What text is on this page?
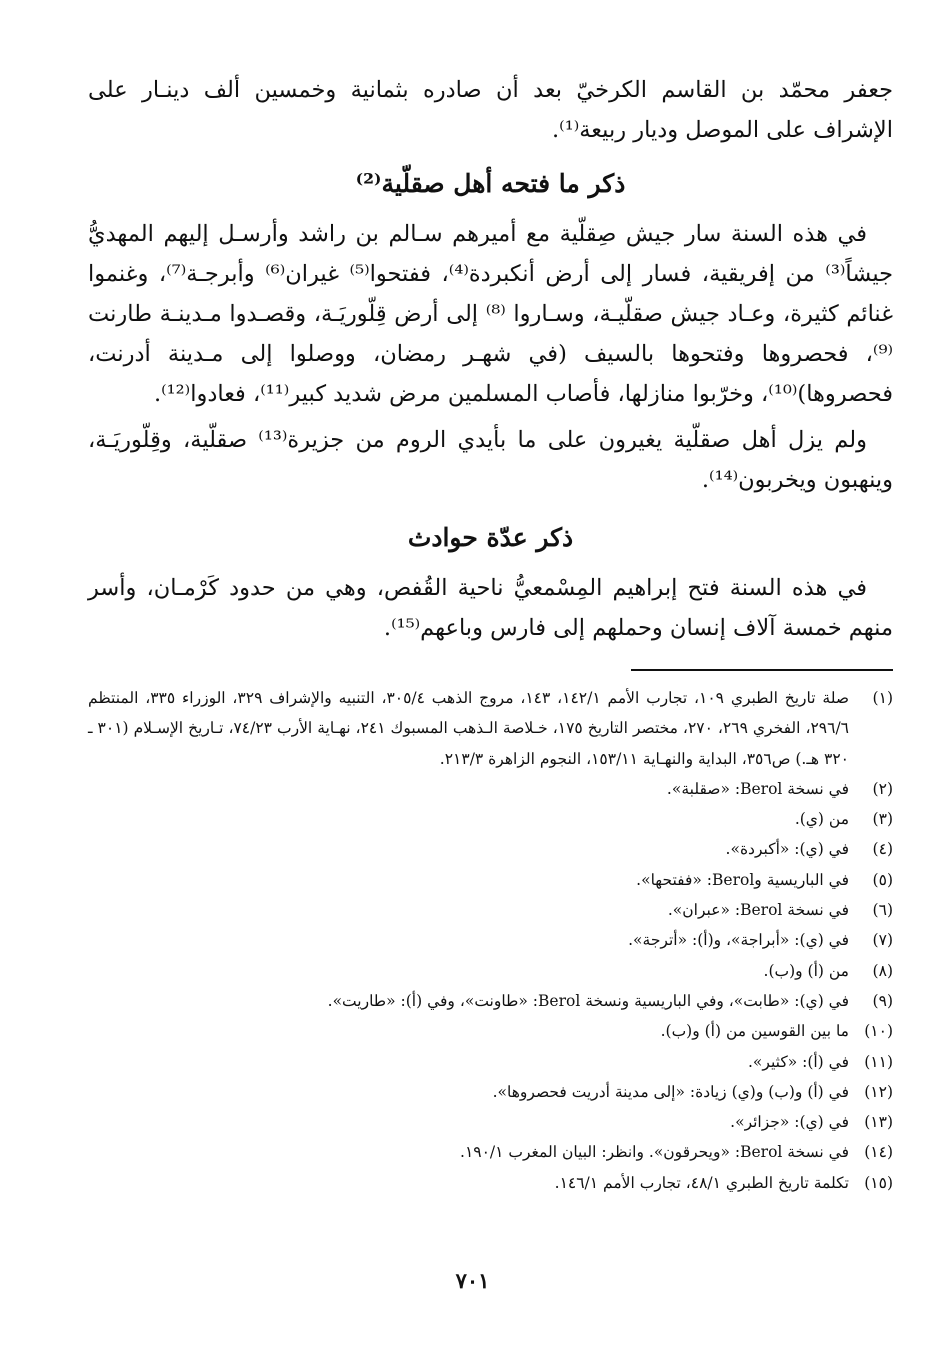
جعفر محمّد بن القاسم الكرخيّ بعد أن صادره بثمانية وخمسين ألف دينـار على الإشراف على الموصل وديار ربيعة⁽¹⁾.

ذكر ما فتحه أهل صقلّية⁽²⁾

في هذه السنة سار جيش صِقلّية مع أميرهم سـالم بن راشد وأرسـل إليهم المهديُّ جيشاً⁽³⁾ من إفريقية، فسار إلى أرض أنكبردة⁽⁴⁾، ففتحوا⁽⁵⁾ غيران⁽⁶⁾ وأبرجـة⁽⁷⁾، وغنموا غنائم كثيرة، وعـاد جيش صقلّيـة، وسـاروا ⁽⁸⁾ إلى أرض قِلّوريَـة، وقصـدوا مـدينـة طارنت ⁽⁹⁾، فحصروها وفتحوها بالسيف (في شهـر رمضان، ووصلوا إلى مـدينة أدرنت، فحصروها)⁽¹⁰⁾، وخرّبوا منازلها، فأصاب المسلمين مرض شديد كبير⁽¹¹⁾، فعادوا⁽¹²⁾.

ولم يزل أهل صقلّية يغيرون على ما بأيدي الروم من جزيرة⁽¹³⁾ صقلّية، وقِلّوريَـة، وينهبون ويخربون⁽¹⁴⁾.

ذكر عدّة حوادث

في هذه السنة فتح إبراهيم المِسْمعيُّ ناحية القُفص، وهي من حدود كَرْمـان، وأسر منهم خمسة آلاف إنسان وحملهم إلى فارس وباعهم⁽¹⁵⁾.

(١)
صلة تاريخ الطبري ١٠٩، تجارب الأمم ١٤٢/١، ١٤٣، مروج الذهب ٣٠٥/٤، التنبيه والإشراف ٣٢٩، الوزراء ٣٣٥، المنتظم ٢٩٦/٦، الفخري ٢٦٩، ٢٧٠، مختصر التاريخ ١٧٥، خـلاصة الـذهب المسبوك ٢٤١، نهـاية الأرب ٧٤/٢٣، تـاريخ الإسـلام (٣٠١ ـ ٣٢٠ هـ.) ص٣٥٦، البداية والنهـاية ١٥٣/١١، النجوم الزاهرة ٢١٣/٣.
(٢)
في نسخة Berol: «صقلبة».
(٣)
من (ي).
(٤)
في (ي): «أكبردة».
(٥)
في الباريسية وBerol: «ففتحها».
(٦)
في نسخة Berol: «عبران».
(٧)
في (ي): «أبراجة»، و(أ): «أترجة».
(٨)
من (أ) و(ب).
(٩)
في (ي): «طابت»، وفي الباريسية ونسخة Berol: «طاونت»، وفي (أ): «طاريت».
(١٠)
ما بين القوسين من (أ) و(ب).
(١١)
في (أ): «كثير».
(١٢)
في (أ) و(ب) و(ي) زيادة: «إلى مدينة أدريت فحصروها».
(١٣)
في (ي): «جزائر».
(١٤)
في نسخة Berol: «ويحرقون». وانظر: البيان المغرب ١٩٠/١.
(١٥)
تكلمة تاريخ الطبري ٤٨/١، تجارب الأمم ١٤٦/١.
٧٠١
